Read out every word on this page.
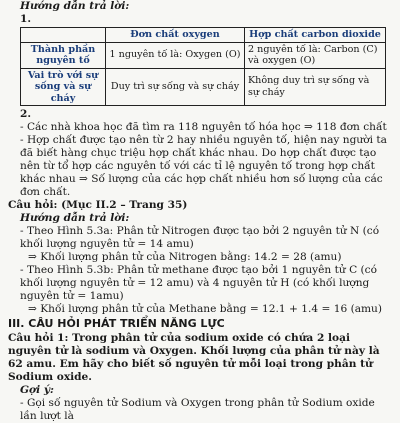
Hướng dẫn trả lời:

1.

	Đơn chất oxygen	Hợp chất carbon dioxide
Thành phần nguyên tố	1 nguyên tố là: Oxygen (O)	2 nguyên tố là: Carbon (C) và oxygen (O)
Vai trò với sự sống và sự cháy	Duy trì sự sống và sự cháy	Không duy trì sự sống và sự cháy

2.

- Các nhà khoa học đã tìm ra 118 nguyên tố hóa học ⇒ 118 đơn chất

- Hợp chất được tạo nên từ 2 hay nhiều nguyên tố, hiện nay người ta đã biết hàng chục triệu hợp chất khác nhau. Do hợp chất được tạo nên từ tổ hợp các nguyên tố với các tỉ lệ nguyên tố trong hợp chất khác nhau ⇒ Số lượng của các hợp chất nhiều hơn số lượng của các đơn chất.

Câu hỏi: (Mục II.2 – Trang 35)

Hướng dẫn trả lời:

- Theo Hình 5.3a: Phân tử Nitrogen được tạo bởi 2 nguyên tử N (có khối lượng nguyên tử = 14 amu)

⇒ Khối lượng phân tử của Nitrogen bằng: 14.2 = 28 (amu)

- Theo Hình 5.3b: Phân tử methane được tạo bởi 1 nguyên tử C (có khối lượng nguyên tử = 12 amu) và 4 nguyên tử H (có khối lượng nguyên tử = 1amu)

⇒ Khối lượng phân tử của Methane bằng = 12.1 + 1.4 = 16 (amu)

III. CÂU HỎI PHÁT TRIỂN NĂNG LỰC

Câu hỏi 1: Trong phân tử của sodium oxide có chứa 2 loại nguyên tử là sodium và Oxygen. Khối lượng của phân tử này là 62 amu. Em hãy cho biết số nguyên tử mỗi loại trong phân tử Sodium oxide.

Gợi ý:

- Gọi số nguyên tử Sodium và Oxygen trong phân tử Sodium oxide lần lượt là
